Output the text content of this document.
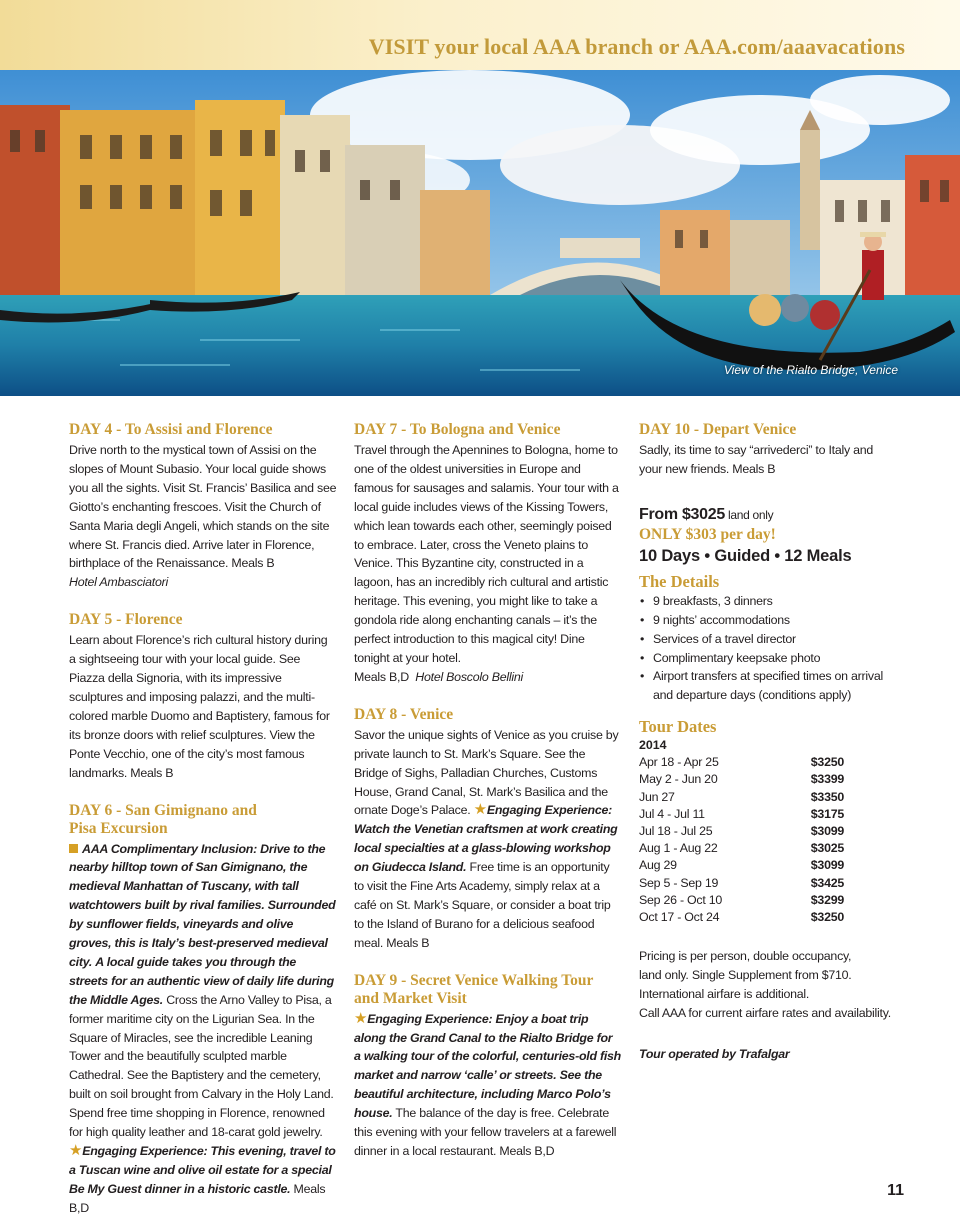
VISIT your local AAA branch or AAA.com/aaavacations
View of the Rialto Bridge, Venice
DAY 4 - To Assisi and Florence
Drive north to the mystical town of Assisi on the slopes of Mount Subasio. Your local guide shows you all the sights. Visit St. Francis’ Basilica and see Giotto’s enchanting frescoes. Visit the Church of Santa Maria degli Angeli, which stands on the site where St. Francis died. Arrive later in Florence, birthplace of the Renaissance. Meals B
Hotel Ambasciatori
DAY 5 - Florence
Learn about Florence’s rich cultural history during a sightseeing tour with your local guide. See Piazza della Signoria, with its impressive sculptures and imposing palazzi, and the multi-colored marble Duomo and Baptistery, famous for its bronze doors with relief sculptures. View the Ponte Vecchio, one of the city’s most famous landmarks. Meals B
DAY 6 - San Gimignano and
Pisa Excursion
AAA Complimentary Inclusion: Drive to the nearby hilltop town of San Gimignano, the medieval Manhattan of Tuscany, with tall watchtowers built by rival families. Surrounded by sunflower fields, vineyards and olive groves, this is Italy’s best-preserved medieval city. A local guide takes you through the streets for an authentic view of daily life during the Middle Ages. Cross the Arno Valley to Pisa, a former maritime city on the Ligurian Sea. In the Square of Miracles, see the incredible Leaning Tower and the beautifully sculpted marble Cathedral. See the Baptistery and the cemetery, built on soil brought from Calvary in the Holy Land. Spend free time shopping in Florence, renowned for high quality leather and 18-carat gold jewelry. ★Engaging Experience: This evening, travel to a Tuscan wine and olive oil estate for a special Be My Guest dinner in a historic castle. Meals B,D
DAY 7 - To Bologna and Venice
Travel through the Apennines to Bologna, home to one of the oldest universities in Europe and famous for sausages and salamis. Your tour with a local guide includes views of the Kissing Towers, which lean towards each other, seemingly poised to embrace. Later, cross the Veneto plains to Venice. This Byzantine city, constructed in a lagoon, has an incredibly rich cultural and artistic heritage. This evening, you might like to take a gondola ride along enchanting canals – it’s the perfect introduction to this magical city! Dine tonight at your hotel.
Meals B,D Hotel Boscolo Bellini
DAY 8 - Venice
Savor the unique sights of Venice as you cruise by private launch to St. Mark’s Square. See the Bridge of Sighs, Palladian Churches, Customs House, Grand Canal, St. Mark’s Basilica and the ornate Doge’s Palace. ★Engaging Experience: Watch the Venetian craftsmen at work creating local specialties at a glass-blowing workshop on Giudecca Island. Free time is an opportunity to visit the Fine Arts Academy, simply relax at a café on St. Mark’s Square, or consider a boat trip to the Island of Burano for a delicious seafood meal. Meals B
DAY 9 - Secret Venice Walking Tour
and Market Visit
★Engaging Experience: Enjoy a boat trip along the Grand Canal to the Rialto Bridge for a walking tour of the colorful, centuries-old fish market and narrow ‘calle’ or streets. See the beautiful architecture, including Marco Polo’s house. The balance of the day is free. Celebrate this evening with your fellow travelers at a farewell dinner in a local restaurant. Meals B,D
DAY 10 - Depart Venice
Sadly, its time to say “arrivederci” to Italy and your new friends. Meals B
From $3025 land only
ONLY $303 per day!
10 Days • Guided • 12 Meals
The Details
• 9 breakfasts, 3 dinners
• 9 nights’ accommodations
• Services of a travel director
• Complimentary keepsake photo
• Airport transfers at specified times on arrival and departure days (conditions apply)
Tour Dates
2014
Apr 18 - Apr 25	$3250
May 2 - Jun 20	$3399
Jun 27	$3350
Jul 4 - Jul 11	$3175
Jul 18 - Jul 25	$3099
Aug 1 - Aug 22	$3025
Aug 29	$3099
Sep 5 - Sep 19	$3425
Sep 26 - Oct 10	$3299
Oct 17 - Oct 24	$3250
Pricing is per person, double occupancy,
land only. Single Supplement from $710.
International airfare is additional.
Call AAA for current airfare rates and availability.
Tour operated by Trafalgar
11
